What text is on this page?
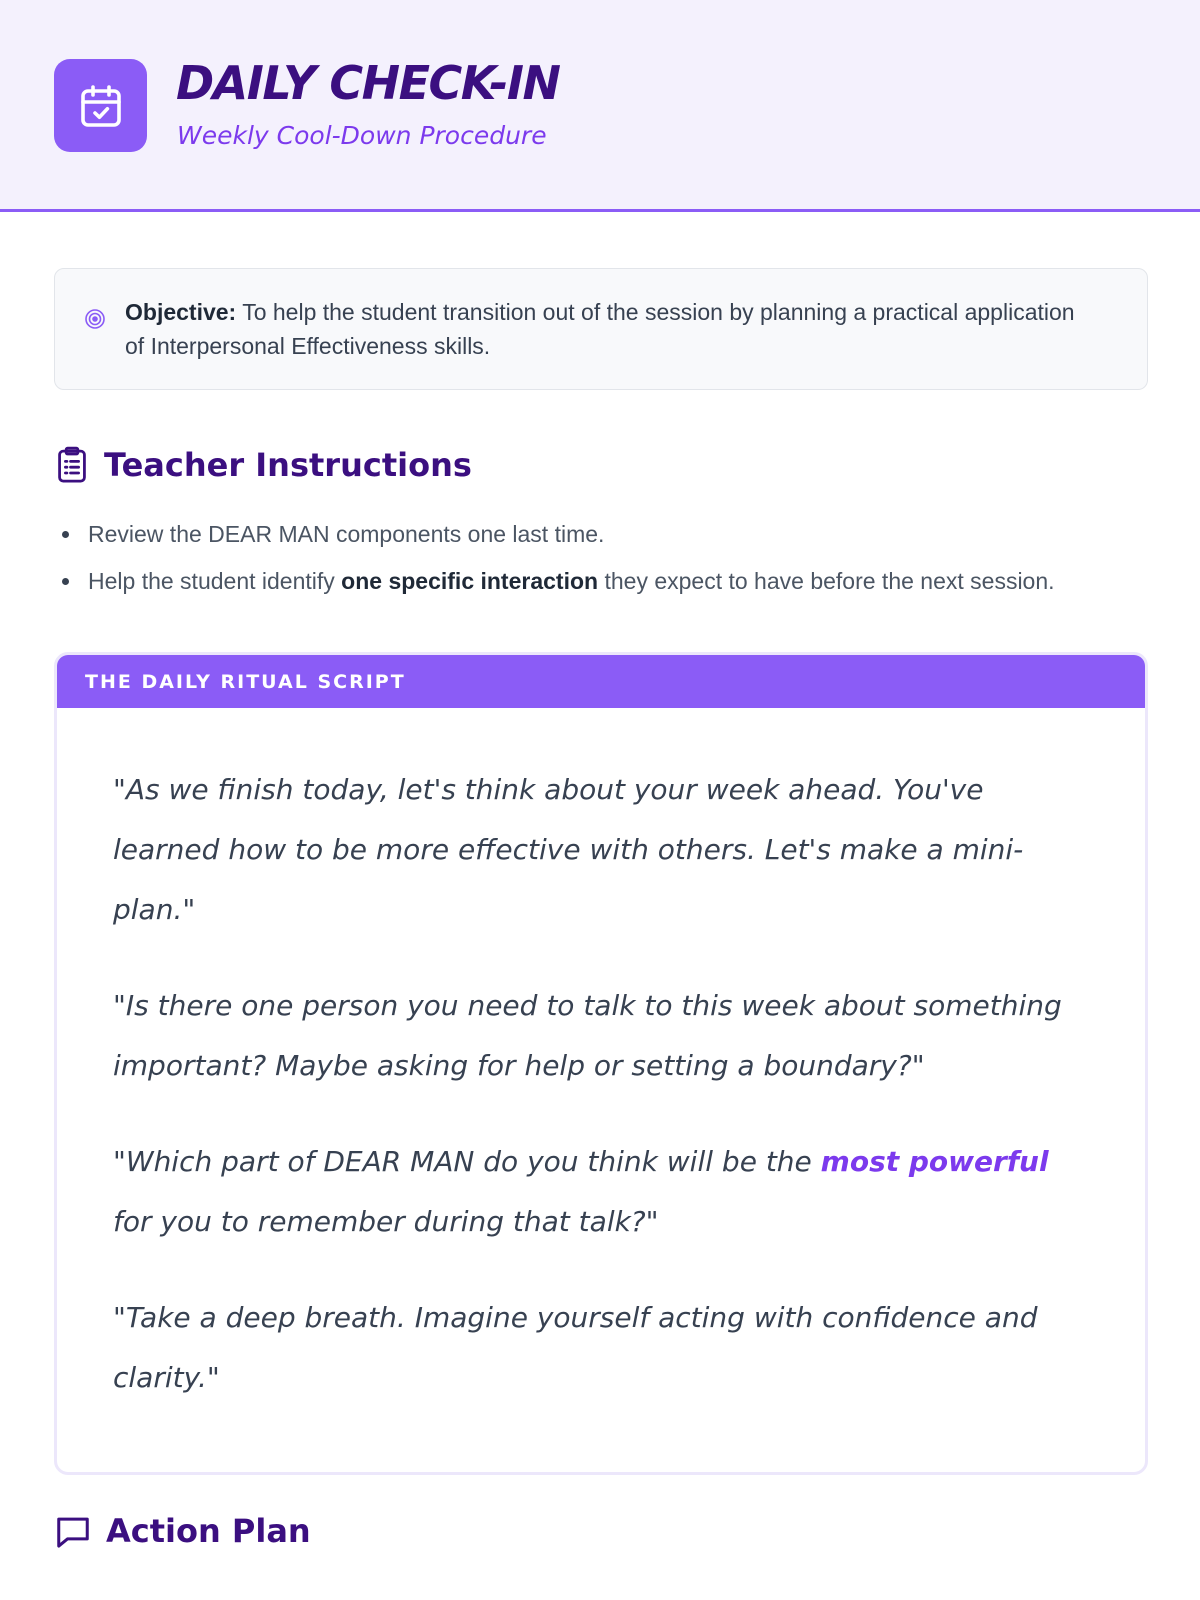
DAILY CHECK-IN
Weekly Cool-Down Procedure
Objective: To help the student transition out of the session by planning a practical application of Interpersonal Effectiveness skills.
Teacher Instructions
Review the DEAR MAN components one last time.
Help the student identify one specific interaction they expect to have before the next session.
THE DAILY RITUAL SCRIPT

"As we finish today, let's think about your week ahead. You've learned how to be more effective with others. Let's make a mini-plan."

"Is there one person you need to talk to this week about something important? Maybe asking for help or setting a boundary?"

"Which part of DEAR MAN do you think will be the most powerful for you to remember during that talk?"

"Take a deep breath. Imagine yourself acting with confidence and clarity."

Action Plan
